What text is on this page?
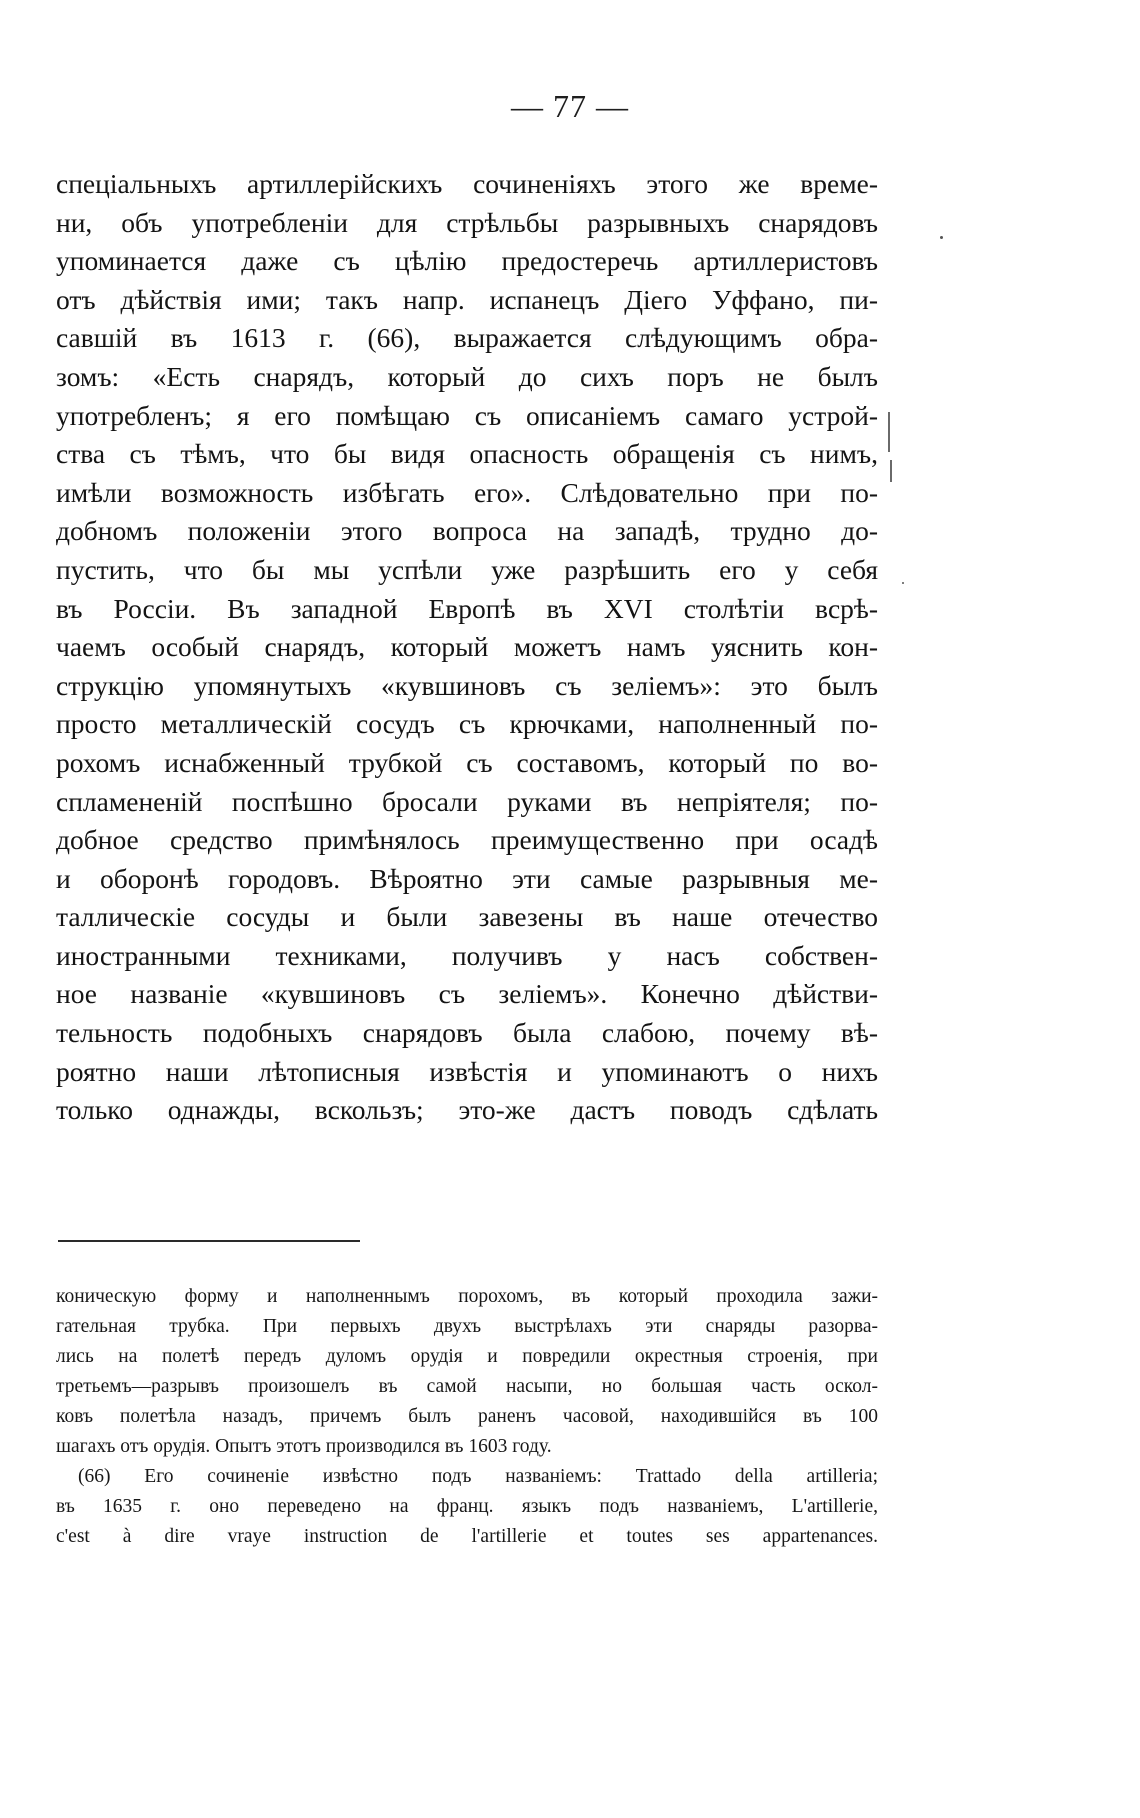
— 77 —
спеціальныхъ артиллерійскихъ сочиненіяхъ этого же време-
ни, объ употребленіи для стрѣльбы разрывныхъ снарядовъ
упоминается даже съ цѣлію предостеречь артиллеристовъ
отъ дѣйствія ими; такъ напр. испанецъ Діего Уффано, пи-
савшій въ 1613 г. (66), выражается слѣдующимъ обра-
зомъ: «Есть снарядъ, который до сихъ поръ не былъ
употребленъ; я его помѣщаю съ описаніемъ самаго устрой-
ства съ тѣмъ, что бы видя опасность обращенія съ нимъ,
имѣли возможность избѣгать его». Слѣдовательно при по-
добномъ положеніи этого вопроса на западѣ, трудно до-
пустить, что бы мы успѣли уже разрѣшить его у себя
въ Россіи. Въ западной Европѣ въ XVI столѣтіи вcрѣ-
чаемъ особый снарядъ, который можетъ намъ уяснить кон-
струкцію упомянутыхъ «кувшиновъ съ зеліемъ»: это былъ
просто металлическій сосудъ съ крючками, наполненный по-
рохомъ иснабженный трубкой съ составомъ, который по во-
спламененій поспѣшно бросали руками въ непріятеля; по-
добное средство примѣнялось преимущественно при осадѣ
и оборонѣ городовъ. Вѣроятно эти самые разрывныя ме-
таллическіе сосуды и были завезены въ наше отечество
иностранными техниками, получивъ у насъ собствен-
ное названіе «кувшиновъ съ зеліемъ». Конечно дѣйстви-
тельность подобныхъ снарядовъ была слабою, почему вѣ-
роятно наши лѣтописныя извѣстія и упоминаютъ о нихъ
только однажды, вскользъ; это-же дастъ поводъ сдѣлать
коническую форму и наполненнымъ порохомъ, въ который проходила зажи-
гательная трубка. При первыхъ двухъ выстрѣлахъ эти снаряды разорва-
лись на полетѣ передъ дуломъ орудія и повредили окрестныя строенія, при
третьемъ—разрывъ произошелъ въ самой насыпи, но большая часть оскол-
ковъ полетѣла назадъ, причемъ былъ раненъ часовой, находившійся въ 100
шагахъ отъ орудія. Опытъ этотъ производился въ 1603 году.
(66) Его сочиненіе извѣстно подъ названіемъ: Trattado della artilleria;
въ 1635 г. оно переведено на франц. языкъ подъ названіемъ, L'artillerie,
c'est à dire vraye instruction de l'artillerie et toutes ses appartenances.
